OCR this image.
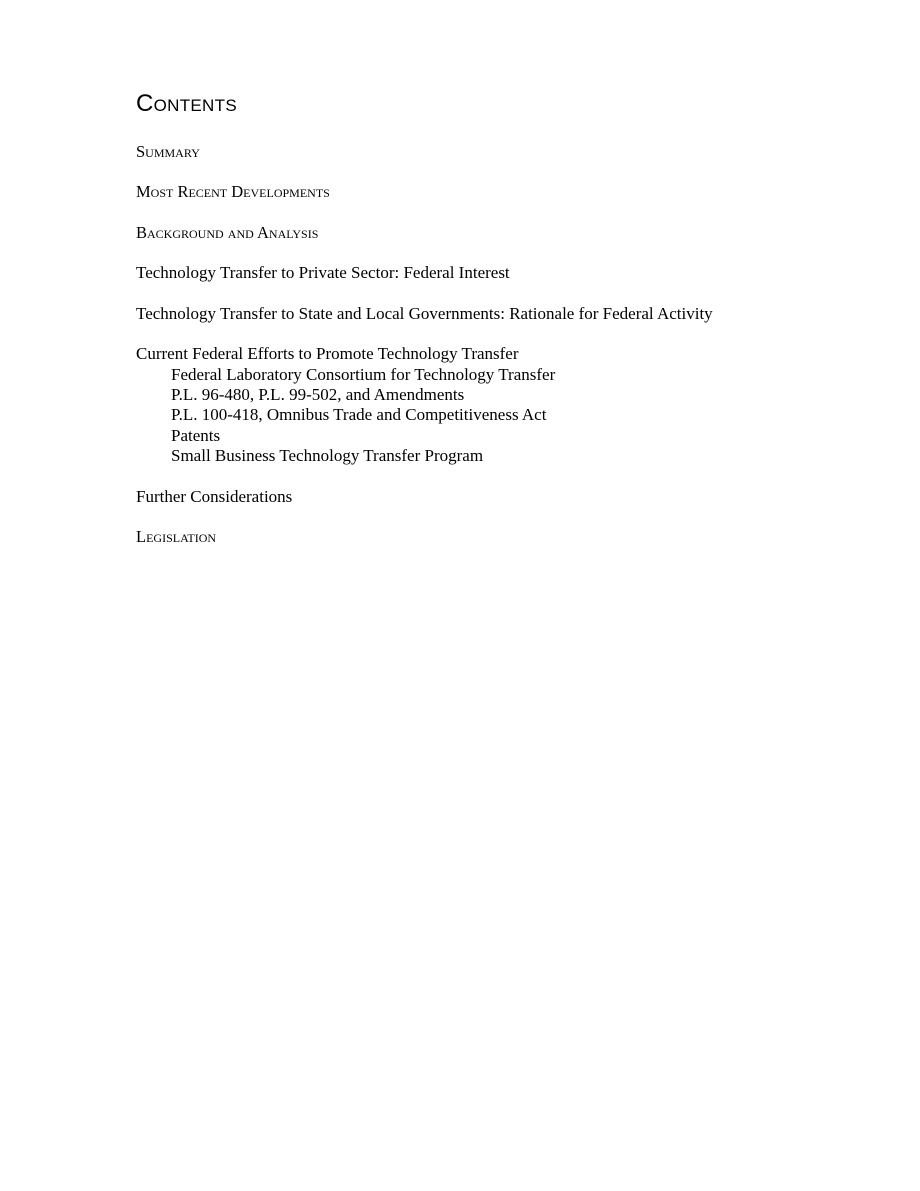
Contents

Summary

Most Recent Developments

Background and Analysis

Technology Transfer to Private Sector: Federal Interest

Technology Transfer to State and Local Governments: Rationale for Federal Activity

Current Federal Efforts to Promote Technology Transfer

Federal Laboratory Consortium for Technology Transfer

P.L. 96-480, P.L. 99-502, and Amendments

P.L. 100-418, Omnibus Trade and Competitiveness Act

Patents

Small Business Technology Transfer Program

Further Considerations

Legislation
